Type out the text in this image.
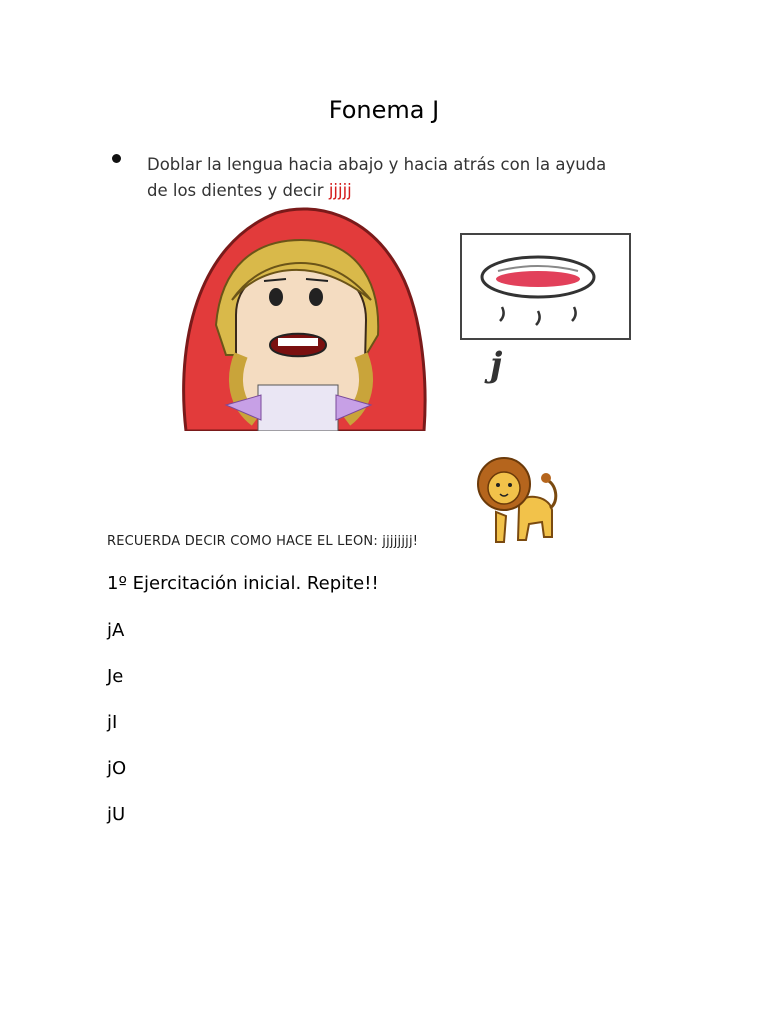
Fonema J
Doblar la lengua hacia abajo y hacia atrás con la ayuda de los dientes y decir jjjjj
j
RECUERDA DECIR COMO HACE EL LEON: jjjjjjjj!
1º Ejercitación inicial. Repite!!
jA
Je
jI
jO
jU
